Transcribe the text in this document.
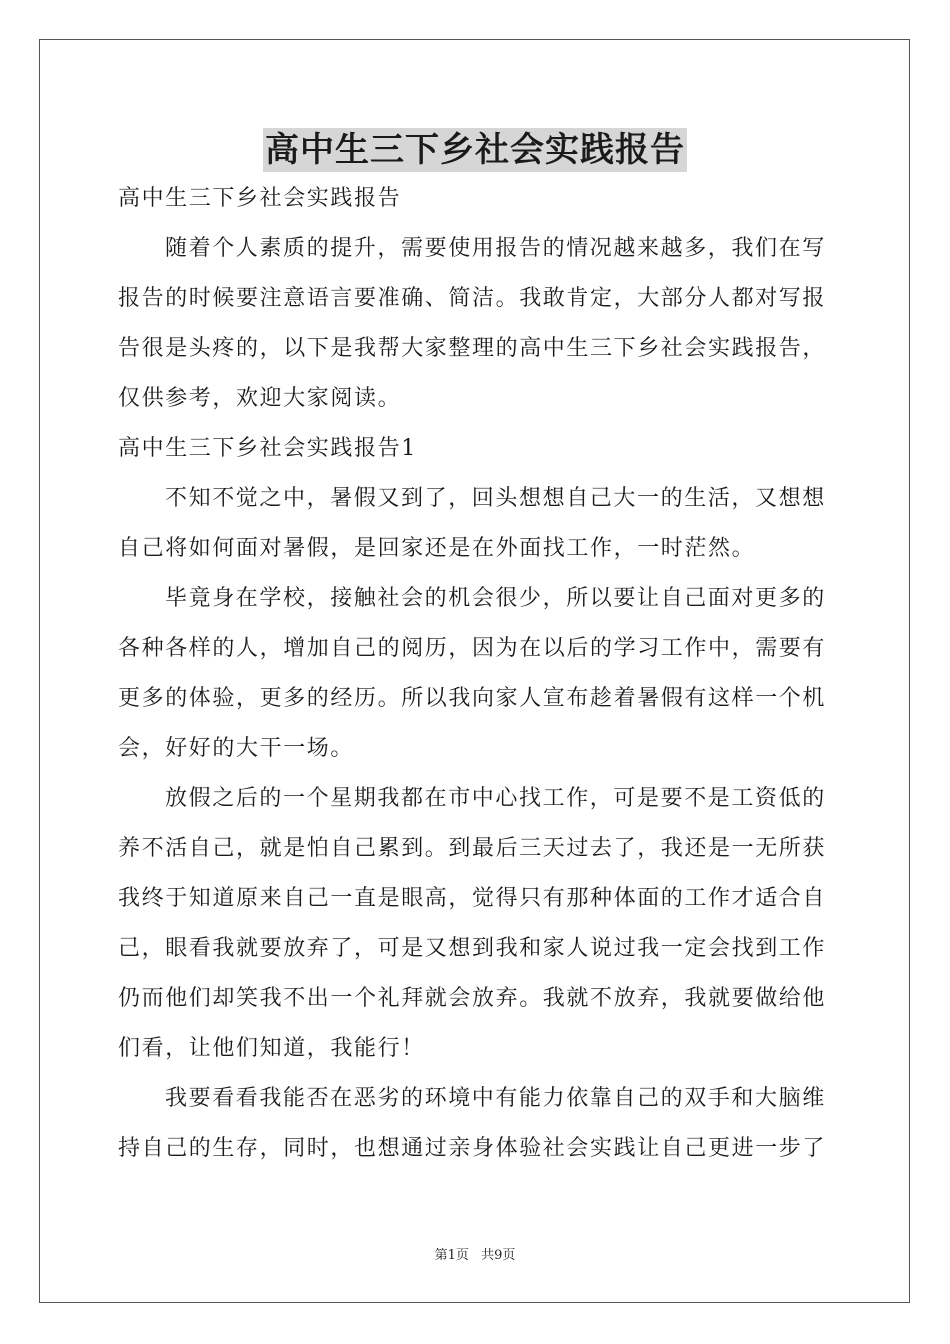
高中生三下乡社会实践报告
高中生三下乡社会实践报告
随着个人素质的提升，需要使用报告的情况越来越多，我们在写
报告的时候要注意语言要准确、简洁。我敢肯定，大部分人都对写报
告很是头疼的，以下是我帮大家整理的高中生三下乡社会实践报告，
仅供参考，欢迎大家阅读。
高中生三下乡社会实践报告1
不知不觉之中，暑假又到了，回头想想自己大一的生活，又想想
自己将如何面对暑假，是回家还是在外面找工作，一时茫然。
毕竟身在学校，接触社会的机会很少，所以要让自己面对更多的
各种各样的人，增加自己的阅历，因为在以后的学习工作中，需要有
更多的体验，更多的经历。所以我向家人宣布趁着暑假有这样一个机
会，好好的大干一场。
放假之后的一个星期我都在市中心找工作，可是要不是工资低的
养不活自己，就是怕自己累到。到最后三天过去了，我还是一无所获
我终于知道原来自己一直是眼高，觉得只有那种体面的工作才适合自
己，眼看我就要放弃了，可是又想到我和家人说过我一定会找到工作
仍而他们却笑我不出一个礼拜就会放弃。我就不放弃，我就要做给他
们看，让他们知道，我能行！
我要看看我能否在恶劣的环境中有能力依靠自己的双手和大脑维
持自己的生存，同时，也想通过亲身体验社会实践让自己更进一步了
第1页 共9页
